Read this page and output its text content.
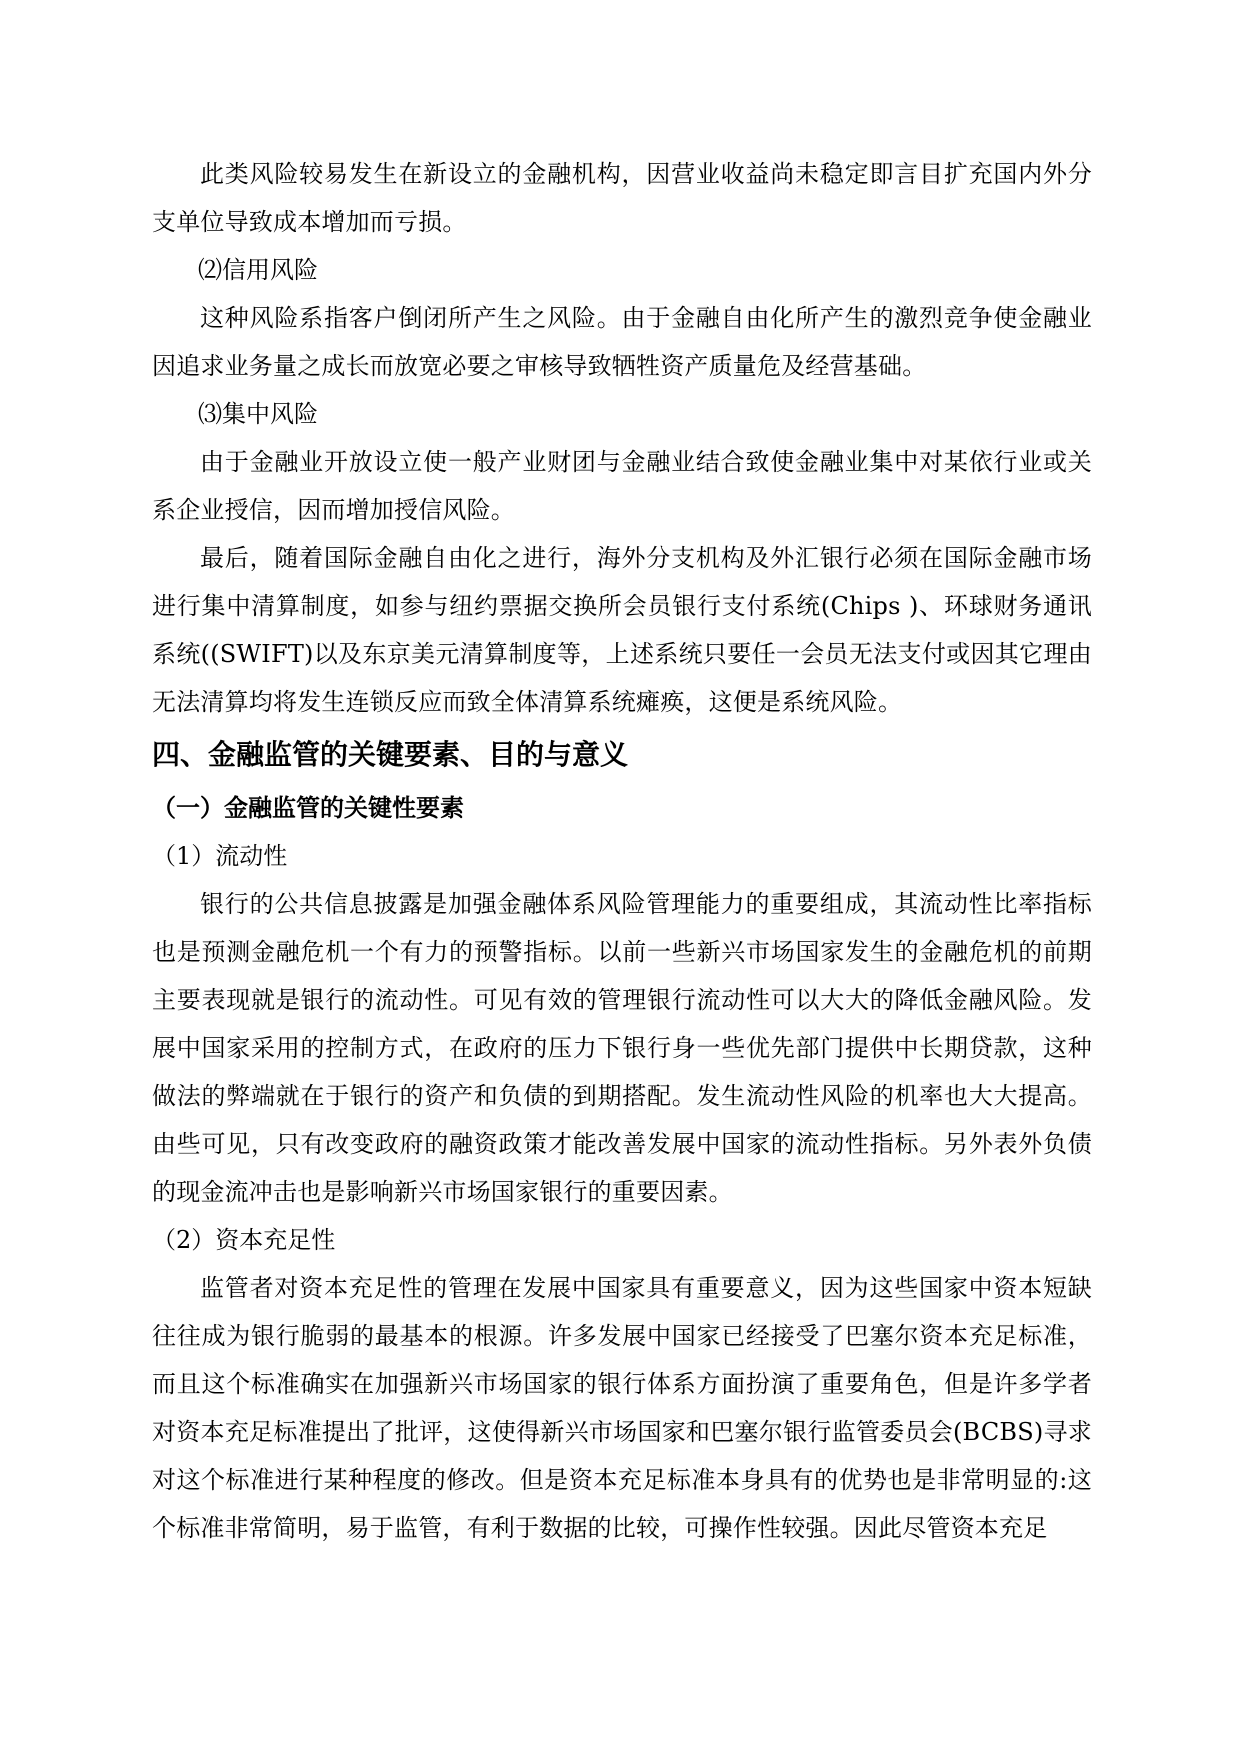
此类风险较易发生在新设立的金融机构，因营业收益尚未稳定即言目扩充国内外分支单位导致成本增加而亏损。

⑵信用风险

这种风险系指客户倒闭所产生之风险。由于金融自由化所产生的激烈竞争使金融业因追求业务量之成长而放宽必要之审核导致牺牲资产质量危及经营基础。

⑶集中风险

由于金融业开放设立使一般产业财团与金融业结合致使金融业集中对某依行业或关系企业授信，因而增加授信风险。

最后，随着国际金融自由化之进行，海外分支机构及外汇银行必须在国际金融市场进行集中清算制度，如参与纽约票据交换所会员银行支付系统(Chips )、环球财务通讯系统((SWIFT)以及东京美元清算制度等，上述系统只要任一会员无法支付或因其它理由无法清算均将发生连锁反应而致全体清算系统瘫痪，这便是系统风险。

四、金融监管的关键要素、目的与意义
（一）金融监管的关键性要素

（1）流动性

银行的公共信息披露是加强金融体系风险管理能力的重要组成，其流动性比率指标也是预测金融危机一个有力的预警指标。以前一些新兴市场国家发生的金融危机的前期主要表现就是银行的流动性。可见有效的管理银行流动性可以大大的降低金融风险。发展中国家采用的控制方式，在政府的压力下银行身一些优先部门提供中长期贷款，这种做法的弊端就在于银行的资产和负债的到期搭配。发生流动性风险的机率也大大提高。由些可见，只有改变政府的融资政策才能改善发展中国家的流动性指标。另外表外负债的现金流冲击也是影响新兴市场国家银行的重要因素。

（2）资本充足性

监管者对资本充足性的管理在发展中国家具有重要意义，因为这些国家中资本短缺往往成为银行脆弱的最基本的根源。许多发展中国家已经接受了巴塞尔资本充足标准，而且这个标准确实在加强新兴市场国家的银行体系方面扮演了重要角色，但是许多学者对资本充足标准提出了批评，这使得新兴市场国家和巴塞尔银行监管委员会(BCBS)寻求对这个标准进行某种程度的修改。但是资本充足标准本身具有的优势也是非常明显的:这个标准非常简明，易于监管，有利于数据的比较，可操作性较强。因此尽管资本充足
